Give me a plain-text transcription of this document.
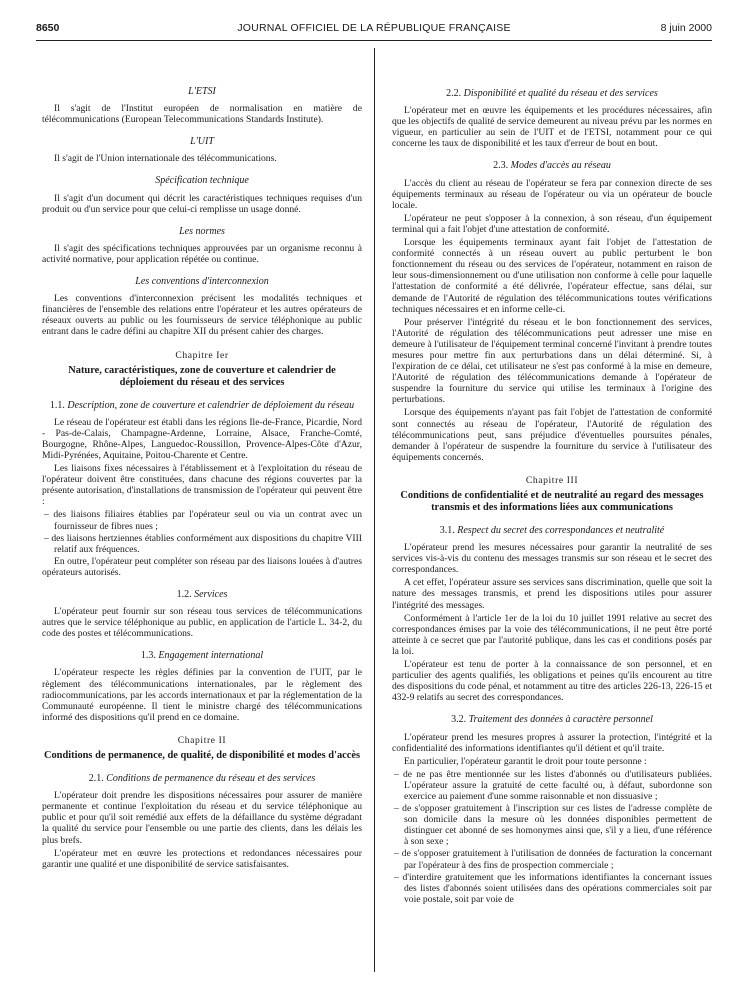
8650	JOURNAL OFFICIEL DE LA RÉPUBLIQUE FRANÇAISE	8 juin 2000
L'ETSI

Il s'agit de l'Institut européen de normalisation en matière de télécommunications (European Telecommunications Standards Institute).

L'UIT

Il s'agit de l'Union internationale des télécommunications.

Spécification technique

Il s'agit d'un document qui décrit les caractéristiques techniques requises d'un produit ou d'un service pour que celui-ci remplisse un usage donné.

Les normes

Il s'agit des spécifications techniques approuvées par un organisme reconnu à activité normative, pour application répétée ou continue.

Les conventions d'interconnexion

Les conventions d'interconnexion précisent les modalités techniques et financières de l'ensemble des relations entre l'opérateur et les autres opérateurs de réseaux ouverts au public ou les fournisseurs de service téléphonique au public entrant dans le cadre défini au chapitre XII du présent cahier des charges.

Chapitre Ier
Nature, caractéristiques, zone de couverture et calendrier de déploiement du réseau et des services
1.1. Description, zone de couverture et calendrier de déploiement du réseau

Le réseau de l'opérateur est établi dans les régions Ile-de-France, Picardie, Nord - Pas-de-Calais, Champagne-Ardenne, Lorraine, Alsace, Franche-Comté, Bourgogne, Rhône-Alpes, Languedoc-Roussillon, Provence-Alpes-Côte d'Azur, Midi-Pyrénées, Aquitaine, Poitou-Charente et Centre.

Les liaisons fixes nécessaires à l'établissement et à l'exploitation du réseau de l'opérateur doivent être constituées, dans chacune des régions couvertes par la présente autorisation, d'installations de transmission de l'opérateur qui peuvent être :

– des liaisons filiaires établies par l'opérateur seul ou via un contrat avec un fournisseur de fibres nues ;
– des liaisons hertziennes établies conformément aux dispositions du chapitre VIII relatif aux fréquences.

En outre, l'opérateur peut compléter son réseau par des liaisons louées à d'autres opérateurs autorisés.

1.2. Services

L'opérateur peut fournir sur son réseau tous services de télécommunications autres que le service téléphonique au public, en application de l'article L. 34-2, du code des postes et télécommunications.

1.3. Engagement international

L'opérateur respecte les règles définies par la convention de l'UIT, par le règlement des télécommunications internationales, par le règlement des radiocommunications, par les accords internationaux et par la réglementation de la Communauté européenne. Il tient le ministre chargé des télécommunications informé des dispositions qu'il prend en ce domaine.

Chapitre II
Conditions de permanence, de qualité, de disponibilité et modes d'accès
2.1. Conditions de permanence du réseau et des services

L'opérateur doit prendre les dispositions nécessaires pour assurer de manière permanente et continue l'exploitation du réseau et du service téléphonique au public et pour qu'il soit remédié aux effets de la défaillance du système dégradant la qualité du service pour l'ensemble ou une partie des clients, dans les délais les plus brefs.

L'opérateur met en œuvre les protections et redondances nécessaires pour garantir une qualité et une disponibilité de service satisfaisantes.

2.2. Disponibilité et qualité du réseau et des services

L'opérateur met en œuvre les équipements et les procédures nécessaires, afin que les objectifs de qualité de service demeurent au niveau prévu par les normes en vigueur, en particulier au sein de l'UIT et de l'ETSI, notamment pour ce qui concerne les taux de disponibilité et les taux d'erreur de bout en bout.

2.3. Modes d'accès au réseau

L'accès du client au réseau de l'opérateur se fera par connexion directe de ses équipements terminaux au réseau de l'opérateur ou via un opérateur de boucle locale.

L'opérateur ne peut s'opposer à la connexion, à son réseau, d'un équipement terminal qui a fait l'objet d'une attestation de conformité.

Lorsque les équipements terminaux ayant fait l'objet de l'attestation de conformité connectés à un réseau ouvert au public perturbent le bon fonctionnement du réseau ou des services de l'opérateur, notamment en raison de leur sous-dimensionnement ou d'une utilisation non conforme à celle pour laquelle l'attestation de conformité a été délivrée, l'opérateur effectue, sans délai, sur demande de l'Autorité de régulation des télécommunications toutes vérifications techniques nécessaires et en informe celle-ci.

Pour préserver l'intégrité du réseau et le bon fonctionnement des services, l'Autorité de régulation des télécommunications peut adresser une mise en demeure à l'utilisateur de l'équipement terminal concerné l'invitant à prendre toutes mesures pour mettre fin aux perturbations dans un délai déterminé. Si, à l'expiration de ce délai, cet utilisateur ne s'est pas conformé à la mise en demeure, l'Autorité de régulation des télécommunications demande à l'opérateur de suspendre la fourniture du service qui utilise les terminaux à l'origine des perturbations.

Lorsque des équipements n'ayant pas fait l'objet de l'attestation de conformité sont connectés au réseau de l'opérateur, l'Autorité de régulation des télécommunications peut, sans préjudice d'éventuelles poursuites pénales, demander à l'opérateur de suspendre la fourniture du service à l'utilisateur des équipements concernés.

Chapitre III
Conditions de confidentialité et de neutralité au regard des messages transmis et des informations liées aux communications
3.1. Respect du secret des correspondances et neutralité

L'opérateur prend les mesures nécessaires pour garantir la neutralité de ses services vis-à-vis du contenu des messages transmis sur son réseau et le secret des correspondances.

A cet effet, l'opérateur assure ses services sans discrimination, quelle que soit la nature des messages transmis, et prend les dispositions utiles pour assurer l'intégrité des messages.

Conformément à l'article 1er de la loi du 10 juillet 1991 relative au secret des correspondances émises par la voie des télécommunications, il ne peut être porté atteinte à ce secret que par l'autorité publique, dans les cas et conditions posés par la loi.

L'opérateur est tenu de porter à la connaissance de son personnel, et en particulier des agents qualifiés, les obligations et peines qu'ils encourent au titre des dispositions du code pénal, et notamment au titre des articles 226-13, 226-15 et 432-9 relatifs au secret des correspondances.

3.2. Traitement des données à caractère personnel

L'opérateur prend les mesures propres à assurer la protection, l'intégrité et la confidentialité des informations identifiantes qu'il détient et qu'il traite.

En particulier, l'opérateur garantit le droit pour toute personne :

– de ne pas être mentionnée sur les listes d'abonnés ou d'utilisateurs publiées. L'opérateur assure la gratuité de cette faculté ou, à défaut, subordonne son exercice au paiement d'une somme raisonnable et non dissuasive ;
– de s'opposer gratuitement à l'inscription sur ces listes de l'adresse complète de son domicile dans la mesure où les données disponibles permettent de distinguer cet abonné de ses homonymes ainsi que, s'il y a lieu, d'une référence à son sexe ;
– de s'opposer gratuitement à l'utilisation de données de facturation la concernant par l'opérateur à des fins de prospection commerciale ;
– d'interdire gratuitement que les informations identifiantes la concernant issues des listes d'abonnés soient utilisées dans des opérations commerciales soit par voie postale, soit par voie de
